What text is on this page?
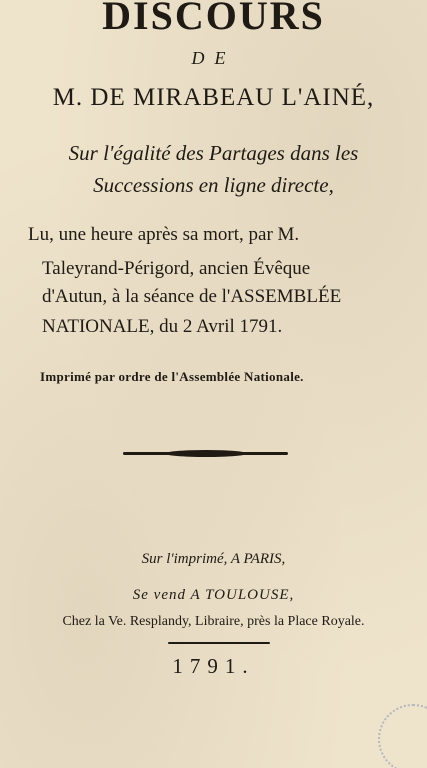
DISCOURS
DE
M. DE MIRABEAU L'AINÉ,
Sur l'égalité des Partages dans les
Successions en ligne directe,
Lu, une heure après sa mort, par M.
Taleyrand-Périgord, ancien Évêque
d'Autun, à la séance de l'ASSEMBLÉE
NATIONALE, du 2 Avril 1791.
Imprimé par ordre de l'Assemblée Nationale.
Sur l'imprimé, A PARIS,
Se vend A TOULOUSE,
Chez la Ve. Resplandy, Libraire, près la Place Royale.
1791.
